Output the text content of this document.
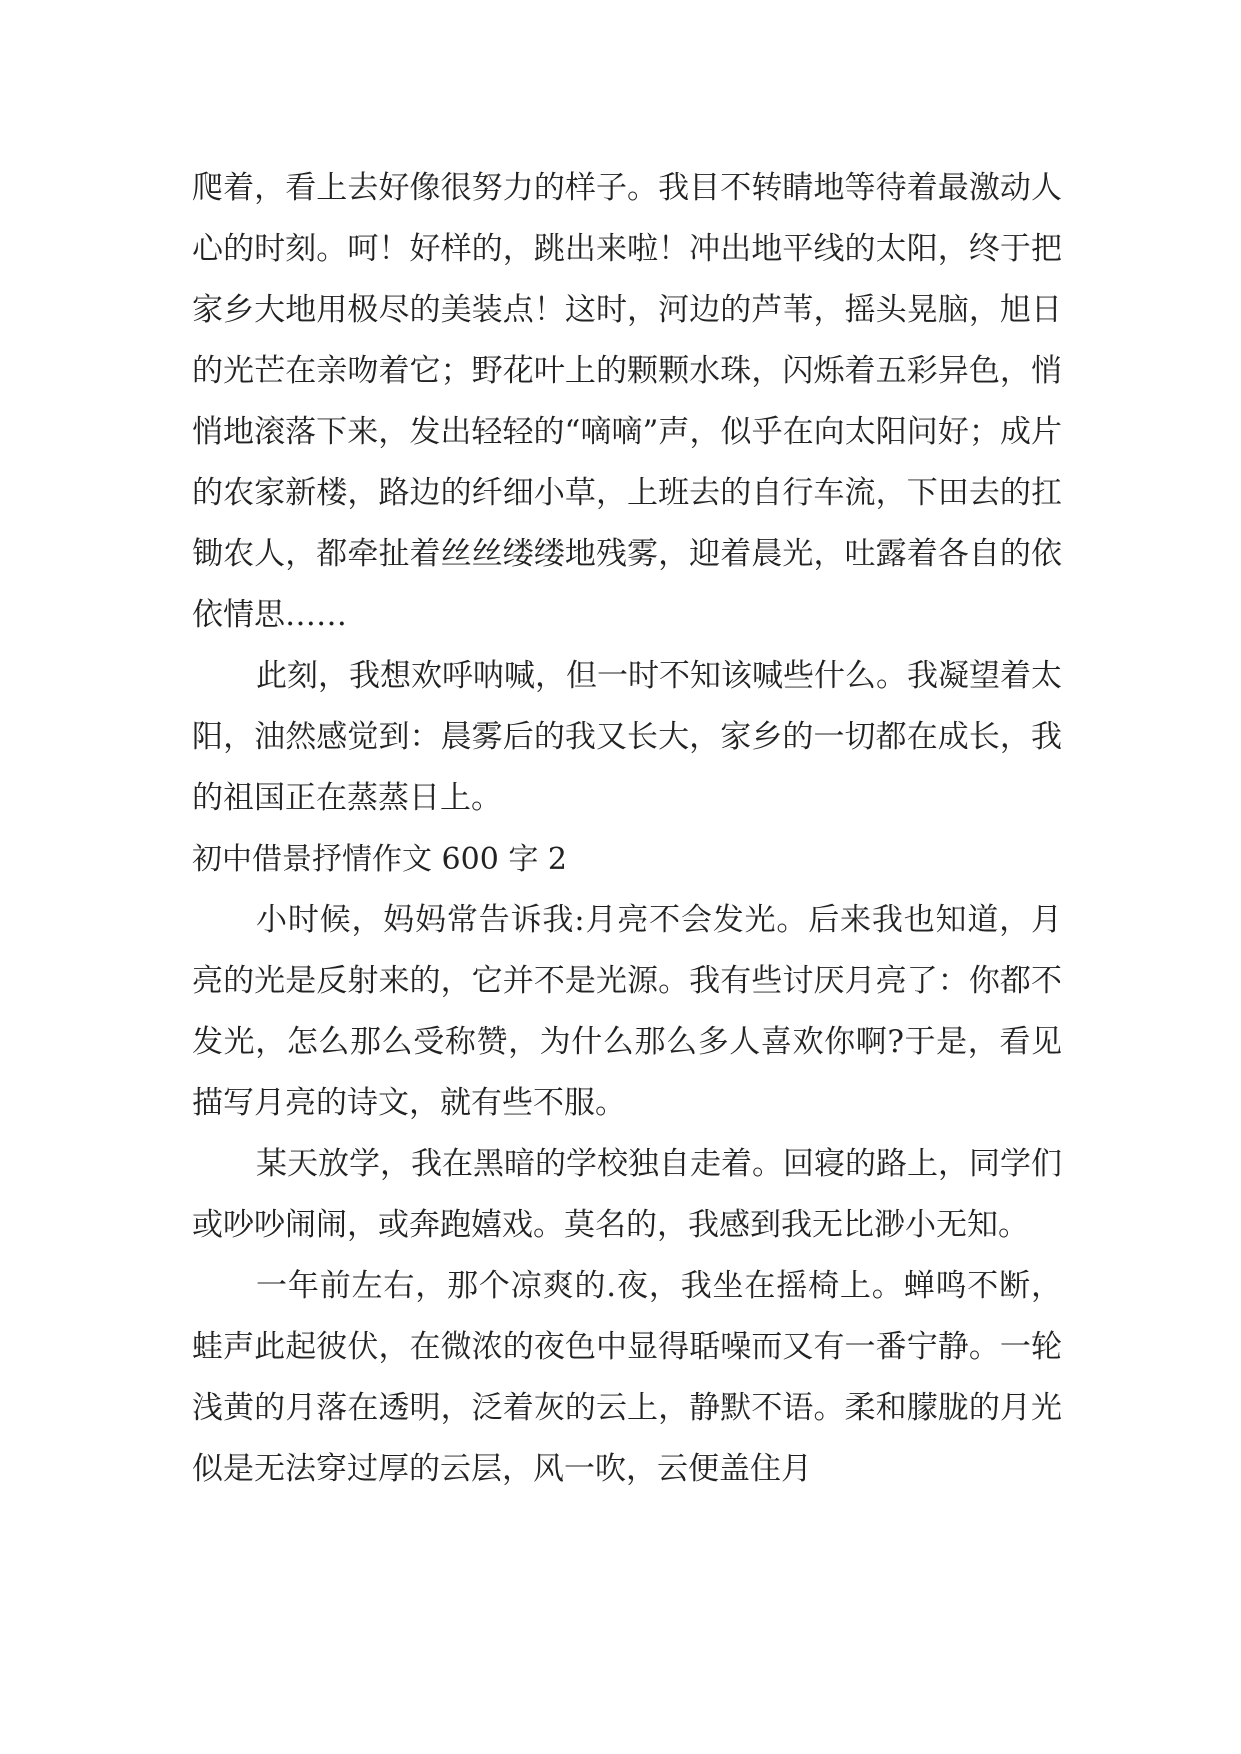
爬着，看上去好像很努力的样子。我目不转睛地等待着最激动人心的时刻。呵！好样的，跳出来啦！冲出地平线的太阳，终于把家乡大地用极尽的美装点！这时，河边的芦苇，摇头晃脑，旭日的光芒在亲吻着它；野花叶上的颗颗水珠，闪烁着五彩异色，悄悄地滚落下来，发出轻轻的“嘀嘀”声，似乎在向太阳问好；成片的农家新楼，路边的纤细小草，上班去的自行车流，下田去的扛锄农人，都牵扯着丝丝缕缕地残雾，迎着晨光，吐露着各自的依依情思……

此刻，我想欢呼呐喊，但一时不知该喊些什么。我凝望着太阳，油然感觉到：晨雾后的我又长大，家乡的一切都在成长，我的祖国正在蒸蒸日上。

初中借景抒情作文 600 字 2

小时候，妈妈常告诉我:月亮不会发光。后来我也知道，月亮的光是反射来的，它并不是光源。我有些讨厌月亮了：你都不发光，怎么那么受称赞，为什么那么多人喜欢你啊?于是，看见描写月亮的诗文，就有些不服。

某天放学，我在黑暗的学校独自走着。回寝的路上，同学们或吵吵闹闹，或奔跑嬉戏。莫名的，我感到我无比渺小无知。

一年前左右，那个凉爽的.夜，我坐在摇椅上。蝉鸣不断，蛙声此起彼伏，在微浓的夜色中显得聒噪而又有一番宁静。一轮浅黄的月落在透明，泛着灰的云上，静默不语。柔和朦胧的月光似是无法穿过厚的云层，风一吹，云便盖住月
